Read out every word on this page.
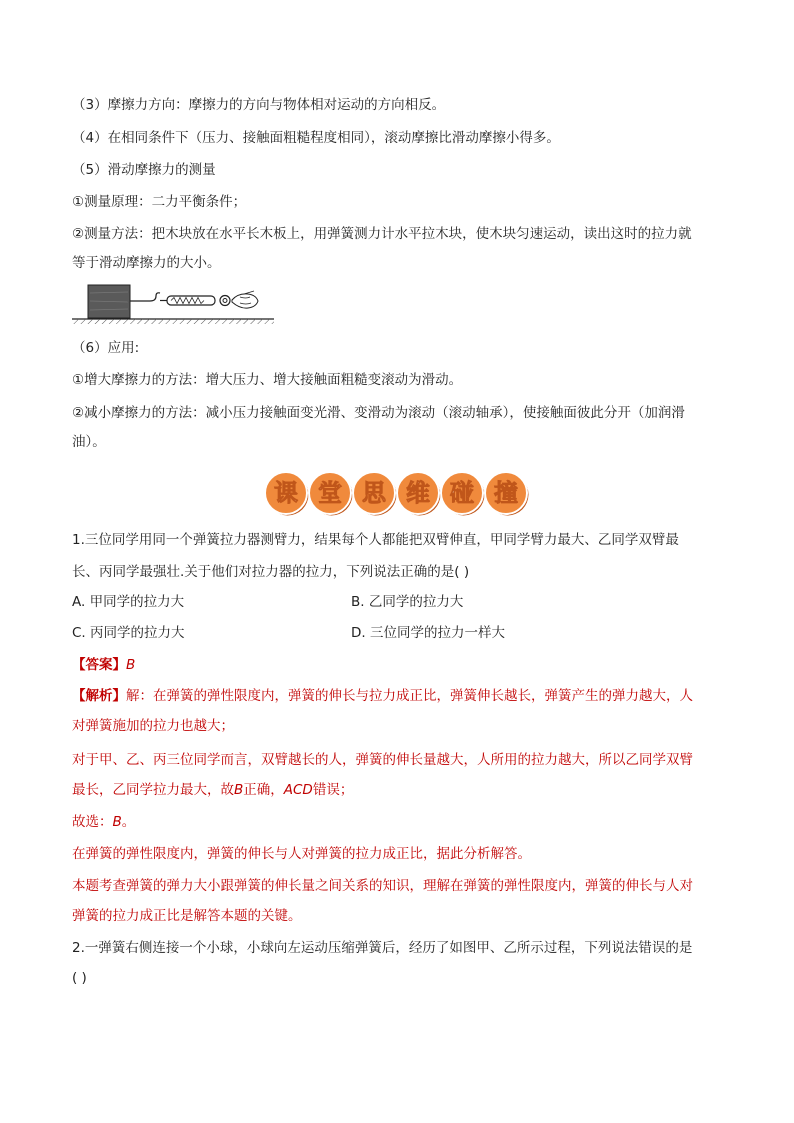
（3）摩擦力方向：摩擦力的方向与物体相对运动的方向相反。
（4）在相同条件下（压力、接触面粗糙程度相同），滚动摩擦比滑动摩擦小得多。
（5）滑动摩擦力的测量
①测量原理：二力平衡条件；
②测量方法：把木块放在水平长木板上，用弹簧测力计水平拉木块，使木块匀速运动，读出这时的拉力就
等于滑动摩擦力的大小。
（6）应用:
①增大摩擦力的方法：增大压力、增大接触面粗糙变滚动为滑动。
②减小摩擦力的方法：减小压力接触面变光滑、变滑动为滚动（滚动轴承），使接触面彼此分开（加润滑
油）。
课 堂 思 维 碰 撞
1.三位同学用同一个弹簧拉力器测臂力，结果每个人都能把双臂伸直，甲同学臂力最大、乙同学双臂最
长、丙同学最强壮.关于他们对拉力器的拉力，下列说法正确的是( )
A. 甲同学的拉力大	B. 乙同学的拉力大
C. 丙同学的拉力大	D. 三位同学的拉力一样大
【答案】B
【解析】解：在弹簧的弹性限度内，弹簧的伸长与拉力成正比，弹簧伸长越长，弹簧产生的弹力越大，人
对弹簧施加的拉力也越大；
对于甲、乙、丙三位同学而言，双臂越长的人，弹簧的伸长量越大，人所用的拉力越大，所以乙同学双臂
最长，乙同学拉力最大，故B正确，ACD错误；
故选：B。
在弹簧的弹性限度内，弹簧的伸长与人对弹簧的拉力成正比，据此分析解答。
本题考查弹簧的弹力大小跟弹簧的伸长量之间关系的知识，理解在弹簧的弹性限度内，弹簧的伸长与人对
弹簧的拉力成正比是解答本题的关键。
2.一弹簧右侧连接一个小球，小球向左运动压缩弹簧后，经历了如图甲、乙所示过程，下列说法错误的是
( )
